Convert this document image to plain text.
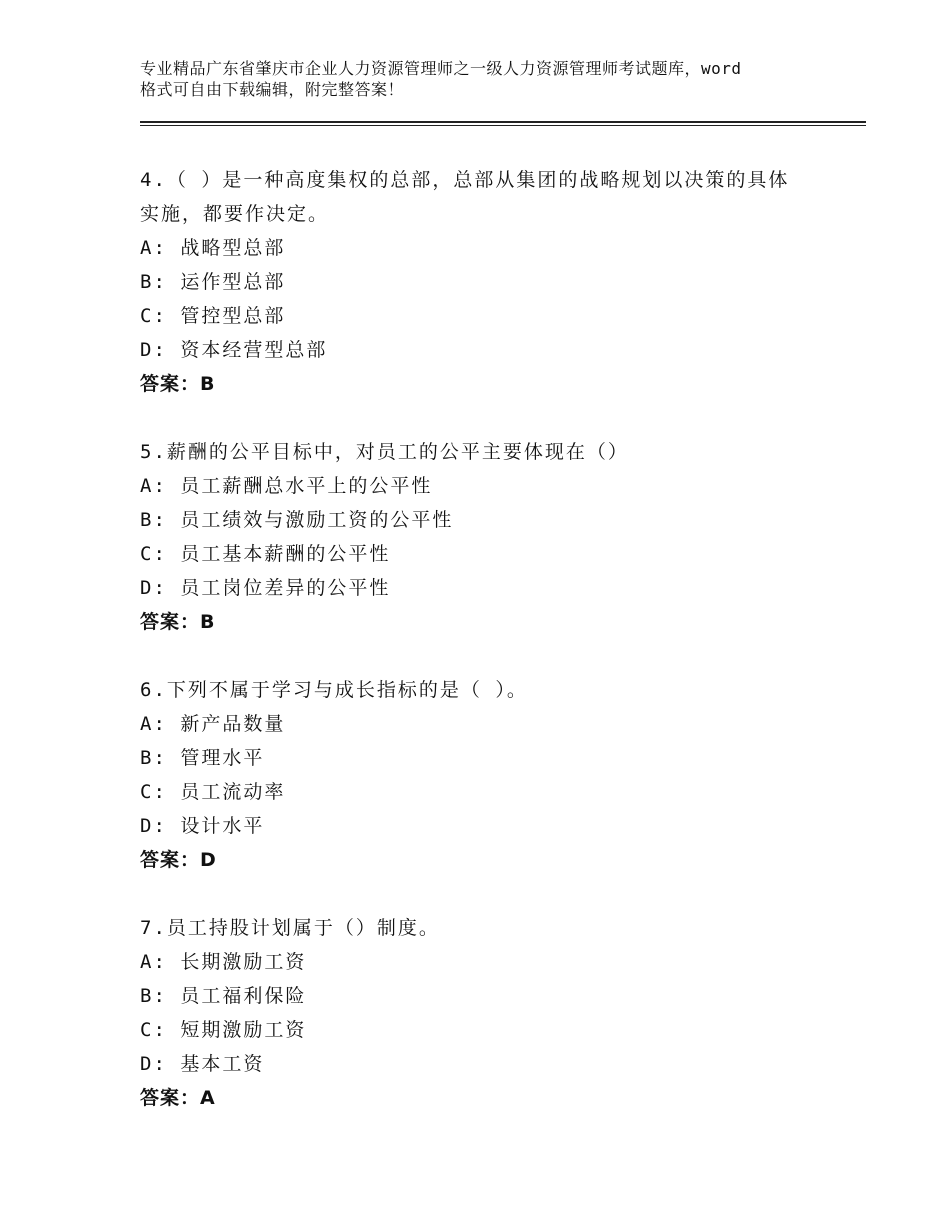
专业精品广东省肇庆市企业人力资源管理师之一级人力资源管理师考试题库，word
格式可自由下载编辑，附完整答案！
4.（ ）是一种高度集权的总部，总部从集团的战略规划以决策的具体
实施，都要作决定。
A: 战略型总部
B: 运作型总部
C: 管控型总部
D: 资本经营型总部
答案：B
5.薪酬的公平目标中，对员工的公平主要体现在（）
A: 员工薪酬总水平上的公平性
B: 员工绩效与激励工资的公平性
C: 员工基本薪酬的公平性
D: 员工岗位差异的公平性
答案：B
6.下列不属于学习与成长指标的是（ ）。
A: 新产品数量
B: 管理水平
C: 员工流动率
D: 设计水平
答案：D
7.员工持股计划属于（）制度。
A: 长期激励工资
B: 员工福利保险
C: 短期激励工资
D: 基本工资
答案：A
